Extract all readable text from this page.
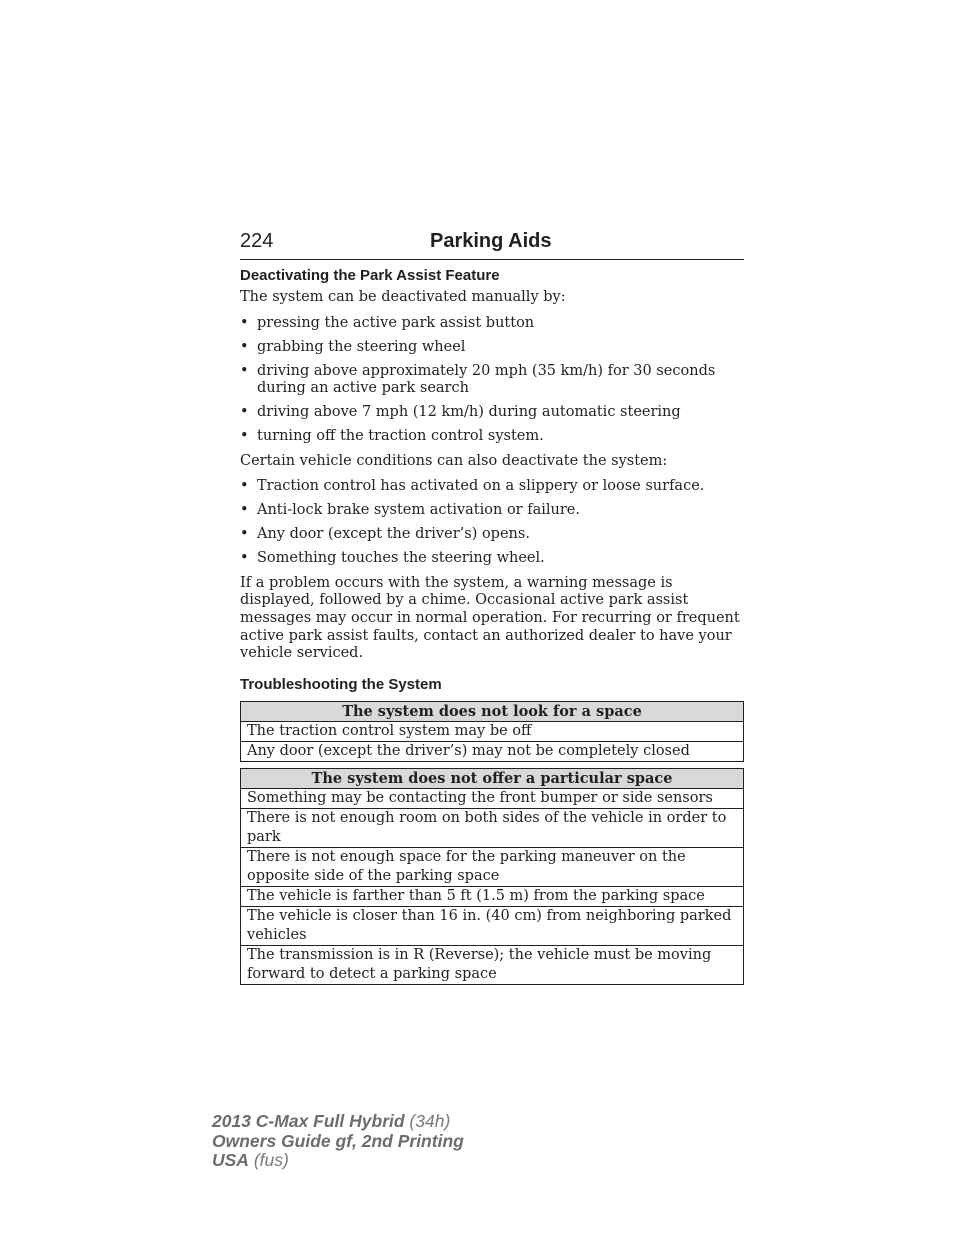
224	Parking Aids
Deactivating the Park Assist Feature

The system can be deactivated manually by:

• pressing the active park assist button
• grabbing the steering wheel
• driving above approximately 20 mph (35 km/h) for 30 seconds during an active park search
• driving above 7 mph (12 km/h) during automatic steering
• turning off the traction control system.

Certain vehicle conditions can also deactivate the system:

• Traction control has activated on a slippery or loose surface.
• Anti-lock brake system activation or failure.
• Any door (except the driver’s) opens.
• Something touches the steering wheel.

If a problem occurs with the system, a warning message is displayed, followed by a chime. Occasional active park assist messages may occur in normal operation. For recurring or frequent active park assist faults, contact an authorized dealer to have your vehicle serviced.

Troubleshooting the System
The system does not look for a space
The traction control system may be off
Any door (except the driver’s) may not be completely closed
The system does not offer a particular space
Something may be contacting the front bumper or side sensors
There is not enough room on both sides of the vehicle in order to park
There is not enough space for the parking maneuver on the opposite side of the parking space
The vehicle is farther than 5 ft (1.5 m) from the parking space
The vehicle is closer than 16 in. (40 cm) from neighboring parked vehicles
The transmission is in R (Reverse); the vehicle must be moving forward to detect a parking space
2013 C-Max Full Hybrid (34h)
Owners Guide gf, 2nd Printing
USA (fus)
